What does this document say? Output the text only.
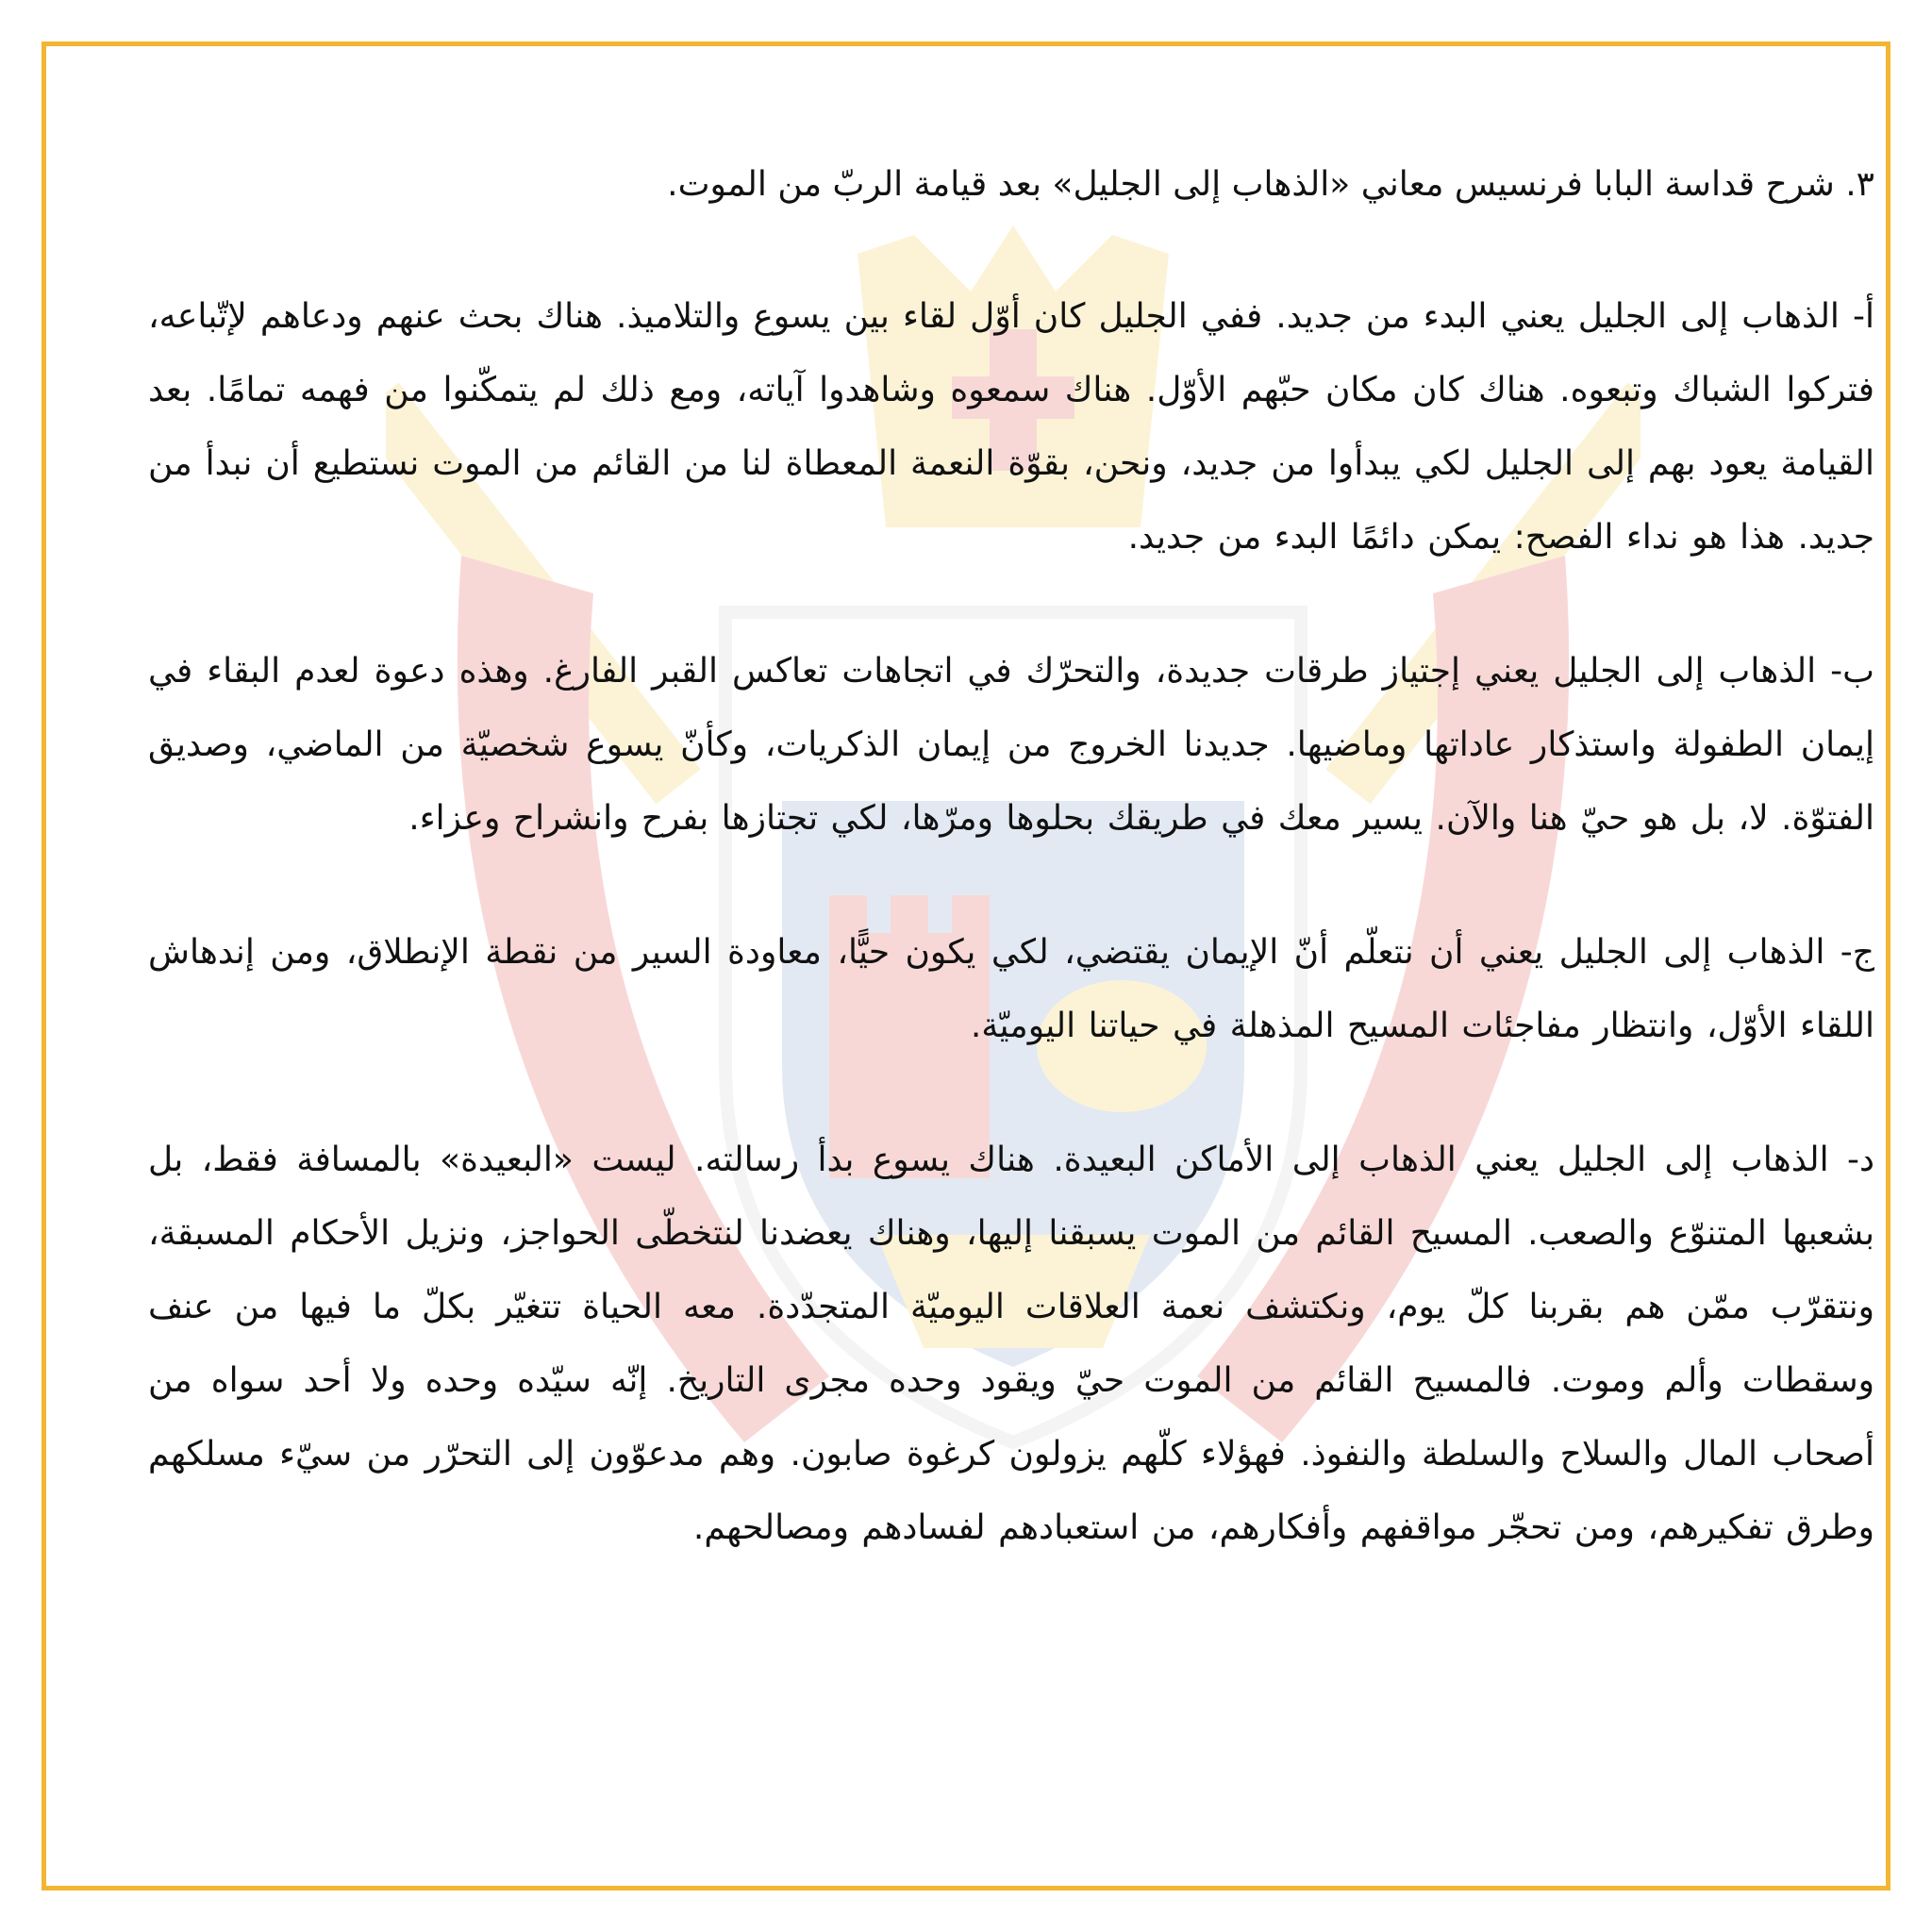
٣. شرح قداسة البابا فرنسيس معاني «الذهاب إلى الجليل» بعد قيامة الربّ من الموت.

أ- الذهاب إلى الجليل يعني البدء من جديد. ففي الجليل كان أوّل لقاء بين يسوع والتلاميذ. هناك بحث عنهم ودعاهم لإتّباعه، فتركوا الشباك وتبعوه. هناك كان مكان حبّهم الأوّل. هناك سمعوه وشاهدوا آياته، ومع ذلك لم يتمكّنوا من فهمه تمامًا. بعد القيامة يعود بهم إلى الجليل لكي يبدأوا من جديد، ونحن، بقوّة النعمة المعطاة لنا من القائم من الموت نستطيع أن نبدأ من جديد. هذا هو نداء الفصح: يمكن دائمًا البدء من جديد.

ب- الذهاب إلى الجليل يعني إجتياز طرقات جديدة، والتحرّك في اتجاهات تعاكس القبر الفارغ. وهذه دعوة لعدم البقاء في إيمان الطفولة واستذكار عاداتها وماضيها. جديدنا الخروج من إيمان الذكريات، وكأنّ يسوع شخصيّة من الماضي، وصديق الفتوّة. لا، بل هو حيّ هنا والآن. يسير معك في طريقك بحلوها ومرّها، لكي تجتازها بفرح وانشراح وعزاء.

ج- الذهاب إلى الجليل يعني أن نتعلّم أنّ الإيمان يقتضي، لكي يكون حيًّا، معاودة السير من نقطة الإنطلاق، ومن إندهاش اللقاء الأوّل، وانتظار مفاجئات المسيح المذهلة في حياتنا اليوميّة.

د- الذهاب إلى الجليل يعني الذهاب إلى الأماكن البعيدة. هناك يسوع بدأ رسالته. ليست «البعيدة» بالمسافة فقط، بل بشعبها المتنوّع والصعب. المسيح القائم من الموت يسبقنا إليها، وهناك يعضدنا لنتخطّى الحواجز، ونزيل الأحكام المسبقة، ونتقرّب ممّن هم بقربنا كلّ يوم، ونكتشف نعمة العلاقات اليوميّة المتجدّدة. معه الحياة تتغيّر بكلّ ما فيها من عنف وسقطات وألم وموت. فالمسيح القائم من الموت حيّ ويقود وحده مجرى التاريخ. إنّه سيّده وحده ولا أحد سواه من أصحاب المال والسلاح والسلطة والنفوذ. فهؤلاء كلّهم يزولون كرغوة صابون. وهم مدعوّون إلى التحرّر من سيّء مسلكهم وطرق تفكيرهم، ومن تحجّر مواقفهم وأفكارهم، من استعبادهم لفسادهم ومصالحهم.
